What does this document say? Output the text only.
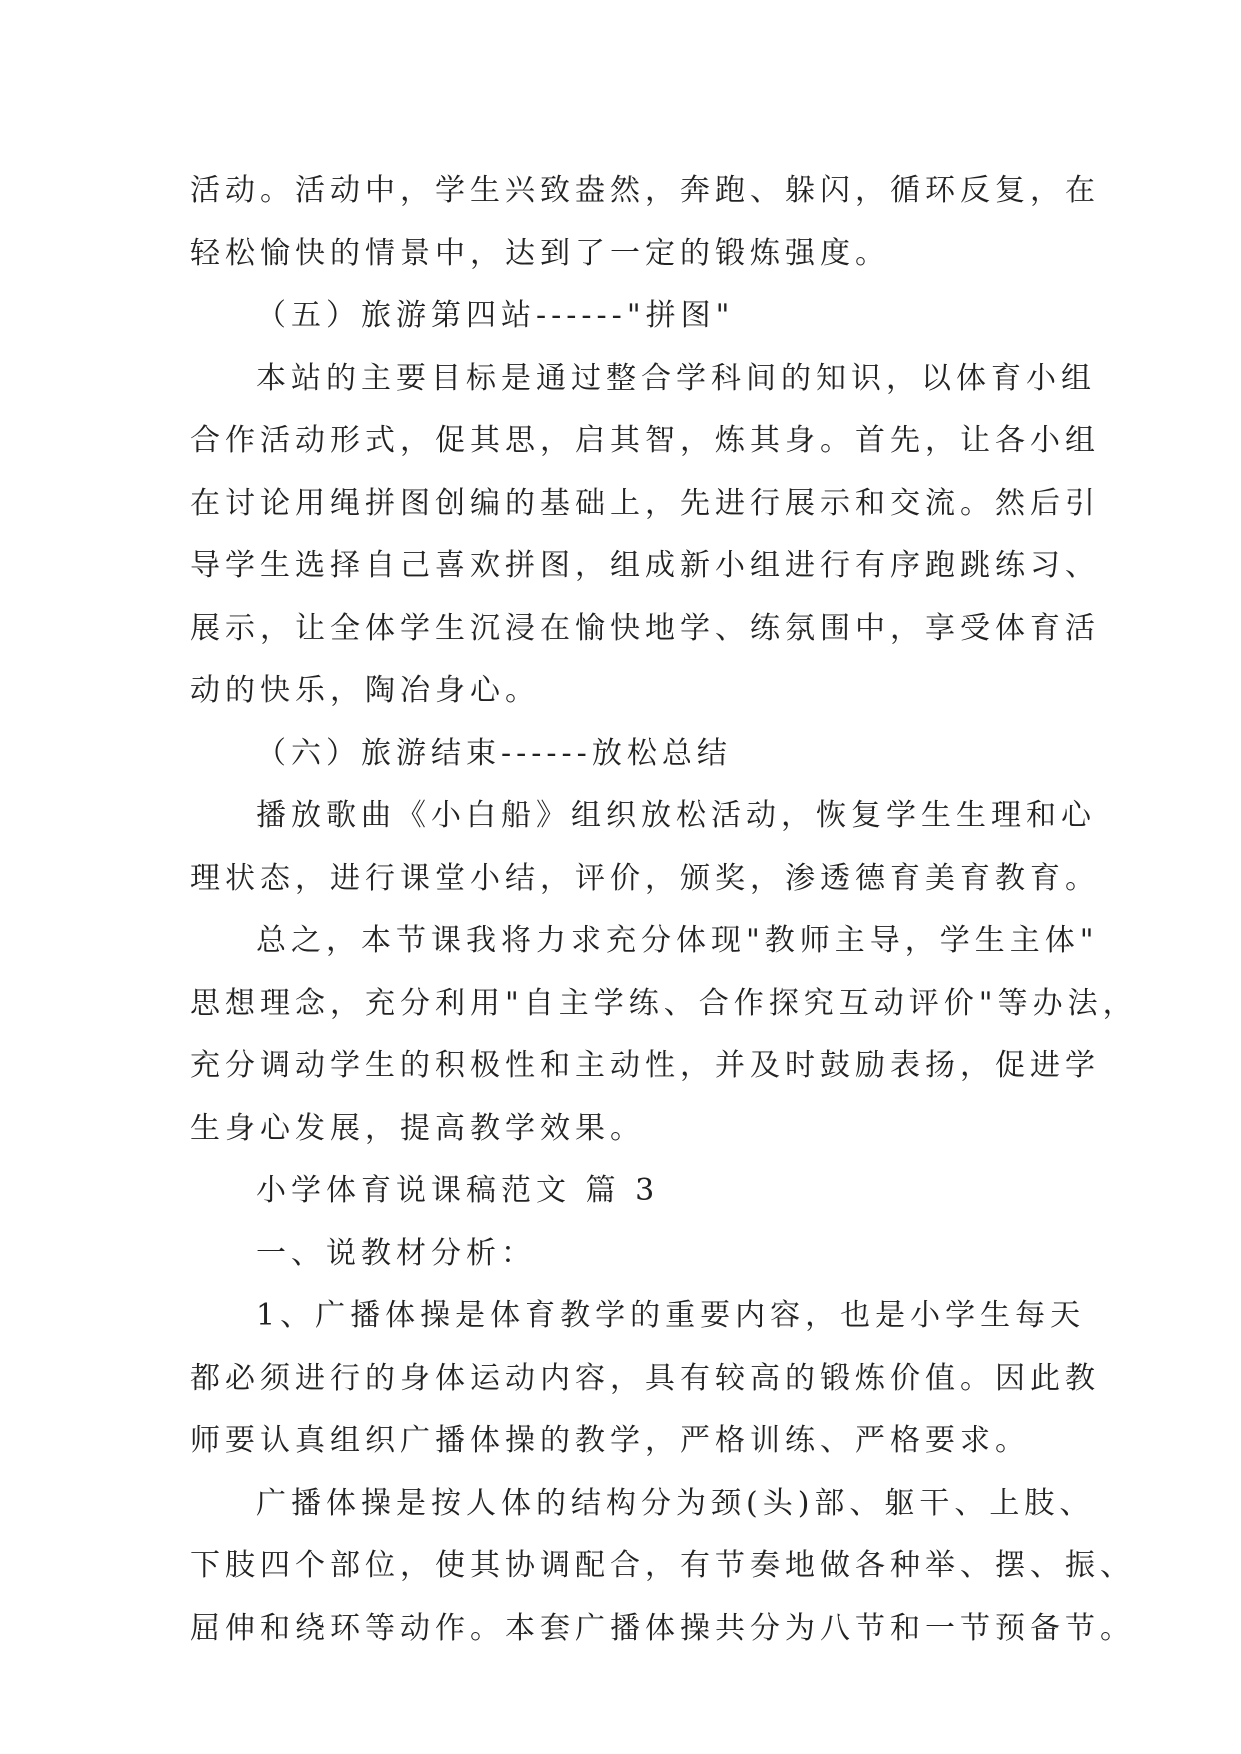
活动。活动中，学生兴致盎然，奔跑、躲闪，循环反复，在
轻松愉快的情景中，达到了一定的锻炼强度。
（五）旅游第四站------"拼图"
本站的主要目标是通过整合学科间的知识，以体育小组
合作活动形式，促其思，启其智，炼其身。首先，让各小组
在讨论用绳拼图创编的基础上，先进行展示和交流。然后引
导学生选择自己喜欢拼图，组成新小组进行有序跑跳练习、
展示，让全体学生沉浸在愉快地学、练氛围中，享受体育活
动的快乐，陶冶身心。
（六）旅游结束------放松总结
播放歌曲《小白船》组织放松活动，恢复学生生理和心
理状态，进行课堂小结，评价，颁奖，渗透德育美育教育。
总之，本节课我将力求充分体现"教师主导，学生主体"
思想理念，充分利用"自主学练、合作探究互动评价"等办法，
充分调动学生的积极性和主动性，并及时鼓励表扬，促进学
生身心发展，提高教学效果。
小学体育说课稿范文 篇 3
一、说教材分析：
1、广播体操是体育教学的重要内容，也是小学生每天
都必须进行的身体运动内容，具有较高的锻炼价值。因此教
师要认真组织广播体操的教学，严格训练、严格要求。
广播体操是按人体的结构分为颈(头)部、躯干、上肢、
下肢四个部位，使其协调配合，有节奏地做各种举、摆、振、
屈伸和绕环等动作。本套广播体操共分为八节和一节预备节。
